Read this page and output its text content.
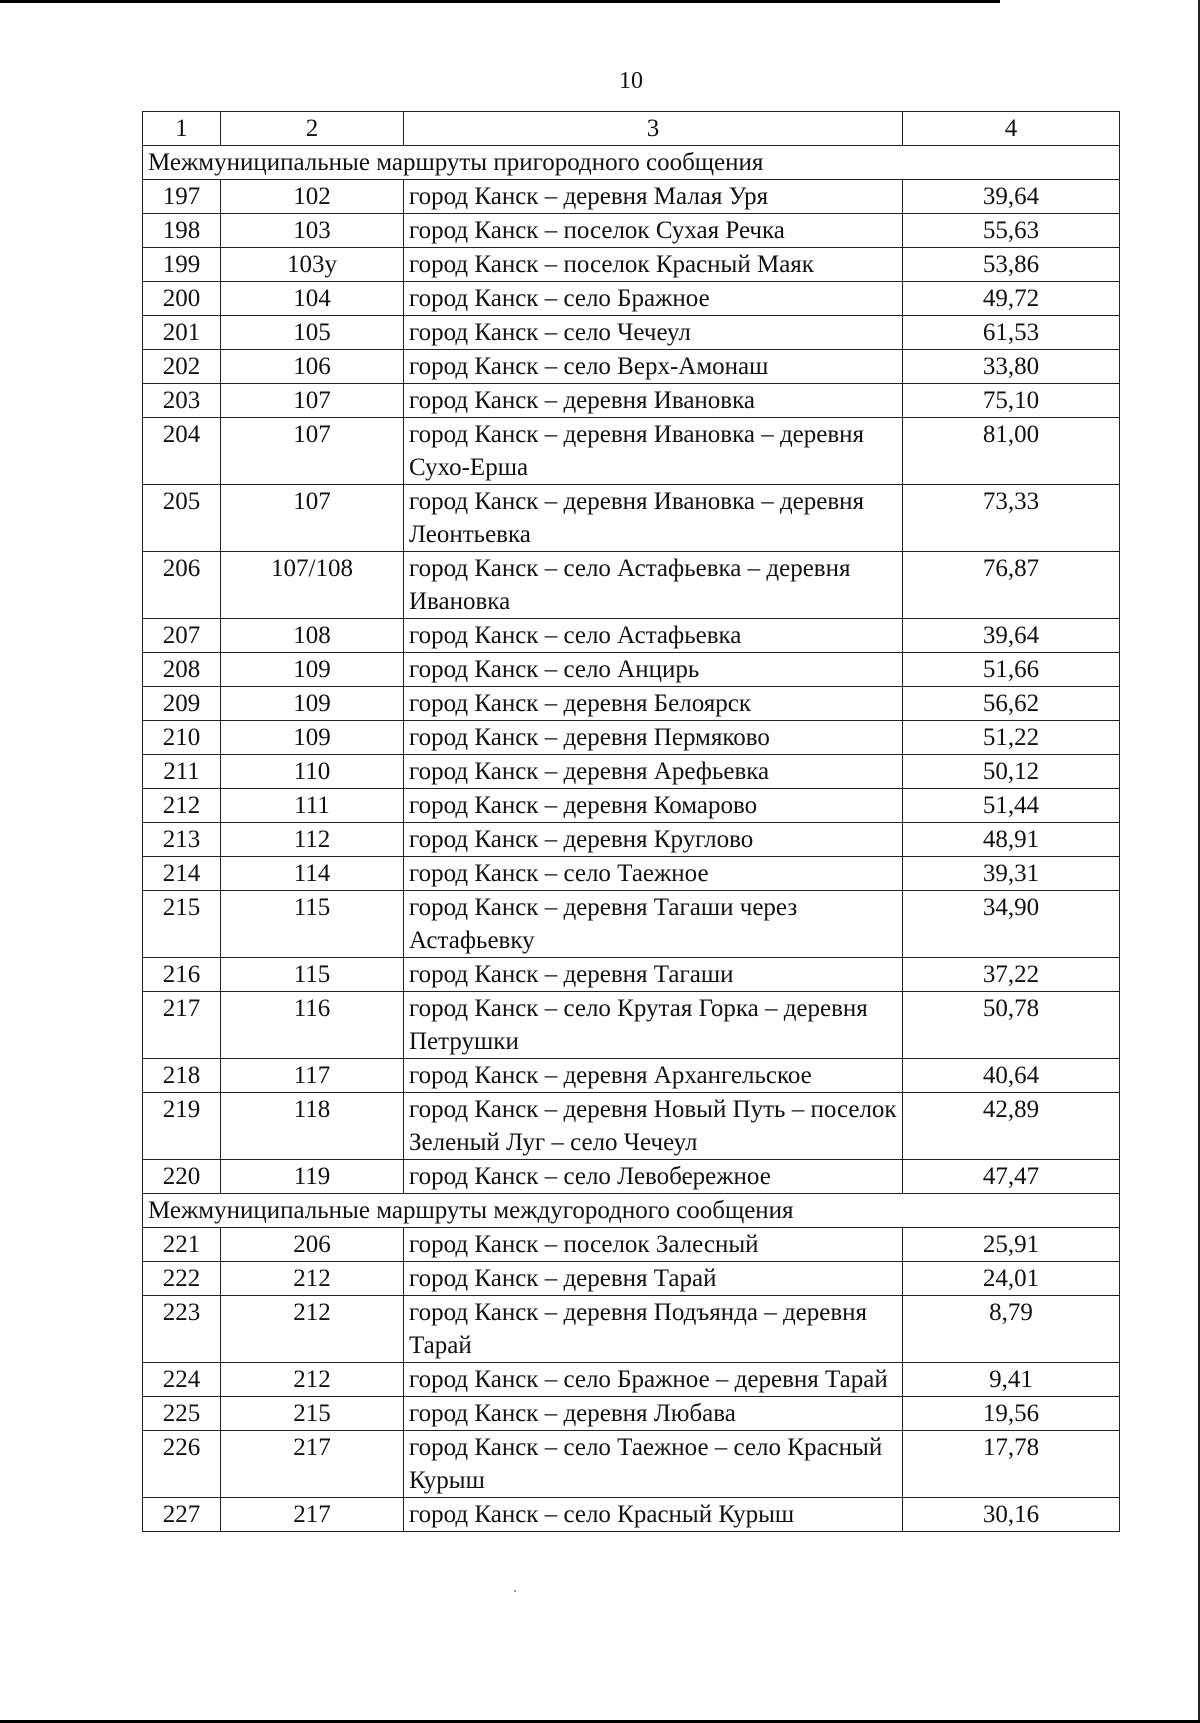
10
1	2	3	4
Межмуниципальные маршруты пригородного сообщения			
197	102	город Канск – деревня Малая Уря	39,64
198	103	город Канск – поселок Сухая Речка	55,63
199	103у	город Канск – поселок Красный Маяк	53,86
200	104	город Канск – село Бражное	49,72
201	105	город Канск – село Чечеул	61,53
202	106	город Канск – село Верх-Амонаш	33,80
203	107	город Канск – деревня Ивановка	75,10
204	107	город Канск – деревня Ивановка – деревня Сухо-Ерша	81,00
205	107	город Канск – деревня Ивановка – деревня Леонтьевка	73,33
206	107/108	город Канск – село Астафьевка – деревня Ивановка	76,87
207	108	город Канск – село Астафьевка	39,64
208	109	город Канск – село Анцирь	51,66
209	109	город Канск – деревня Белоярск	56,62
210	109	город Канск – деревня Пермяково	51,22
211	110	город Канск – деревня Арефьевка	50,12
212	111	город Канск – деревня Комарово	51,44
213	112	город Канск – деревня Круглово	48,91
214	114	город Канск – село Таежное	39,31
215	115	город Канск – деревня Тагаши через Астафьевку	34,90
216	115	город Канск – деревня Тагаши	37,22
217	116	город Канск – село Крутая Горка – деревня Петрушки	50,78
218	117	город Канск – деревня Архангельское	40,64
219	118	город Канск – деревня Новый Путь – поселок Зеленый Луг – село Чечеул	42,89
220	119	город Канск – село Левобережное	47,47
Межмуниципальные маршруты междугородного сообщения			
221	206	город Канск – поселок Залесный	25,91
222	212	город Канск – деревня Тарай	24,01
223	212	город Канск – деревня Подъянда – деревня Тарай	8,79
224	212	город Канск – село Бражное – деревня Тарай	9,41
225	215	город Канск – деревня Любава	19,56
226	217	город Канск – село Таежное – село Красный Курыш	17,78
227	217	город Канск – село Красный Курыш	30,16
